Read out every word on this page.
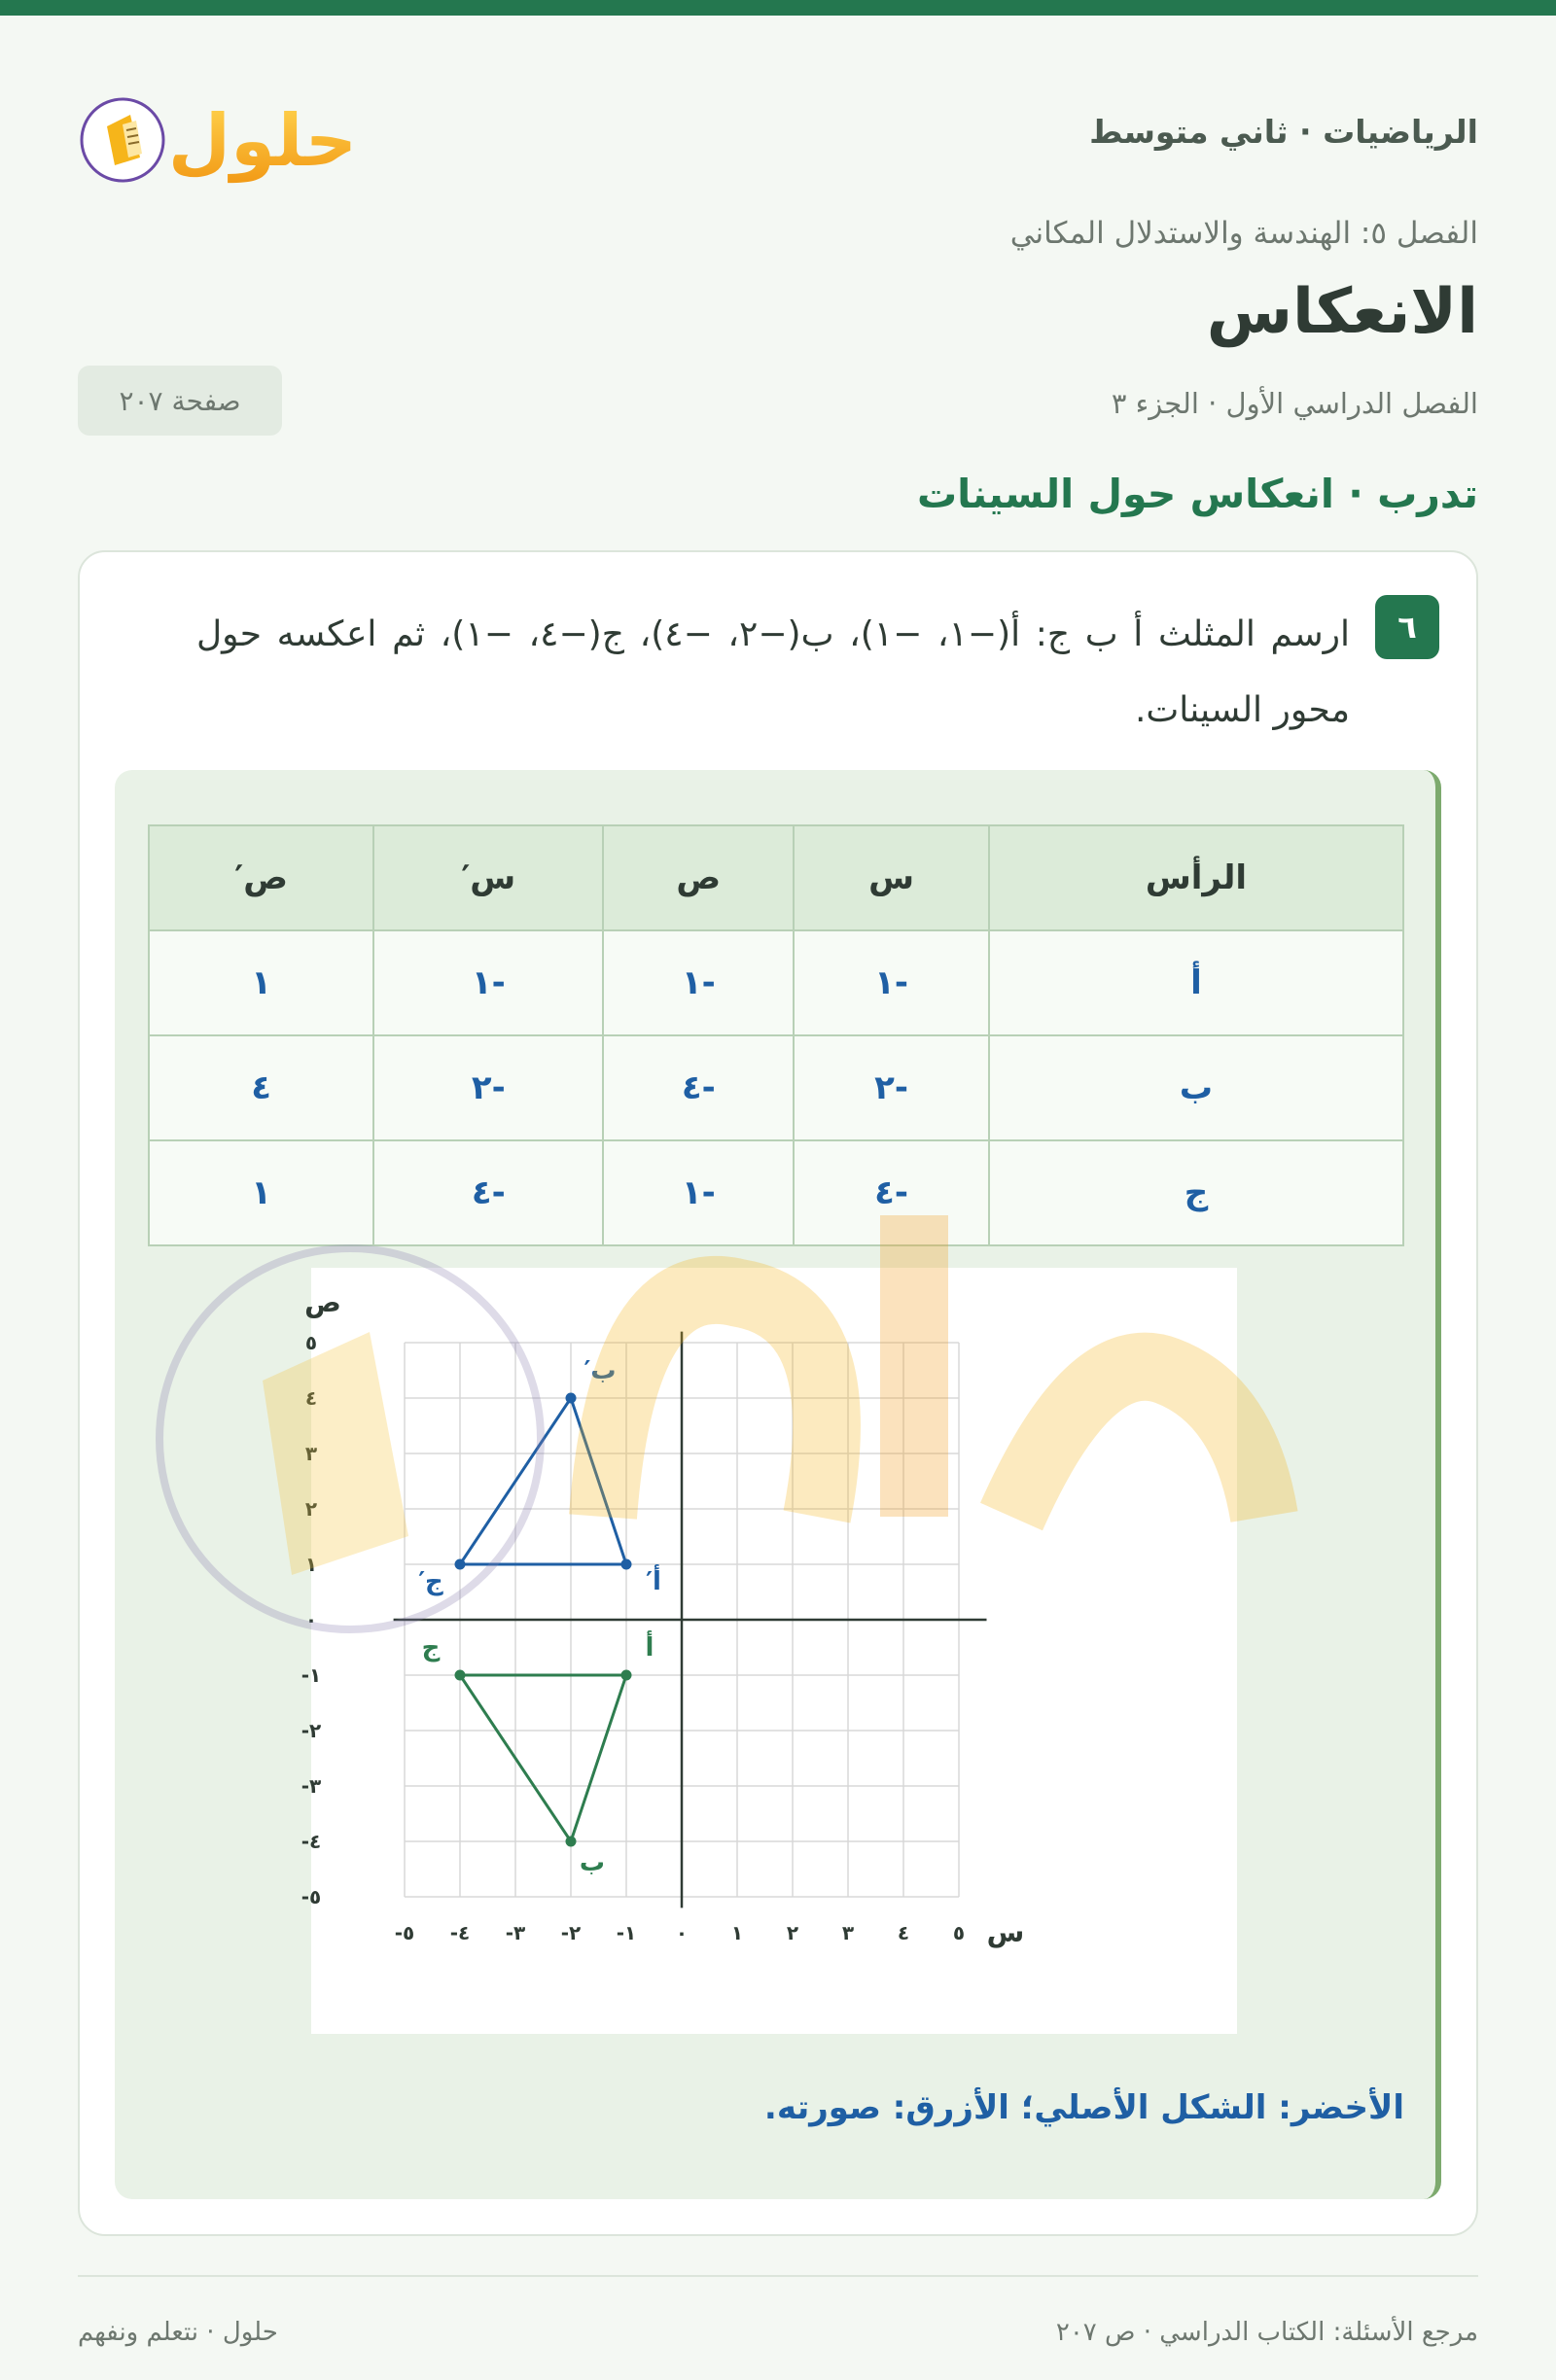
الرياضيات · ثاني متوسط
حلول
الفصل ٥: الهندسة والاستدلال المكاني
الانعكاس
الفصل الدراسي الأول · الجزء ٣
صفحة ٢٠٧
تدرب · انعكاس حول السينات
٦
ارسم المثلث أ ب ج: أ(−١، −١)، ب(−٢، −٤)، ج(−٤، −١)، ثم اعكسه حول محور السينات.
الرأس	س	ص	س′	ص′
أ	-١	-١	-١	١
ب	-٢	-٤	-٢	٤
ج	-٤	-١	-٤	١
-٥ -٤ -٣ -٢ -١ ٠ ١ ٢ ٣ ٤ ٥
-٥
-٤
-٣
-٢
-١
٠
١
٢
٣
٤
٥
س
ص
أ
ب
ج
أ′
ب′
ج′
الأخضر: الشكل الأصلي؛ الأزرق: صورته.
مرجع الأسئلة: الكتاب الدراسي · ص ٢٠٧
حلول · نتعلم ونفهم
